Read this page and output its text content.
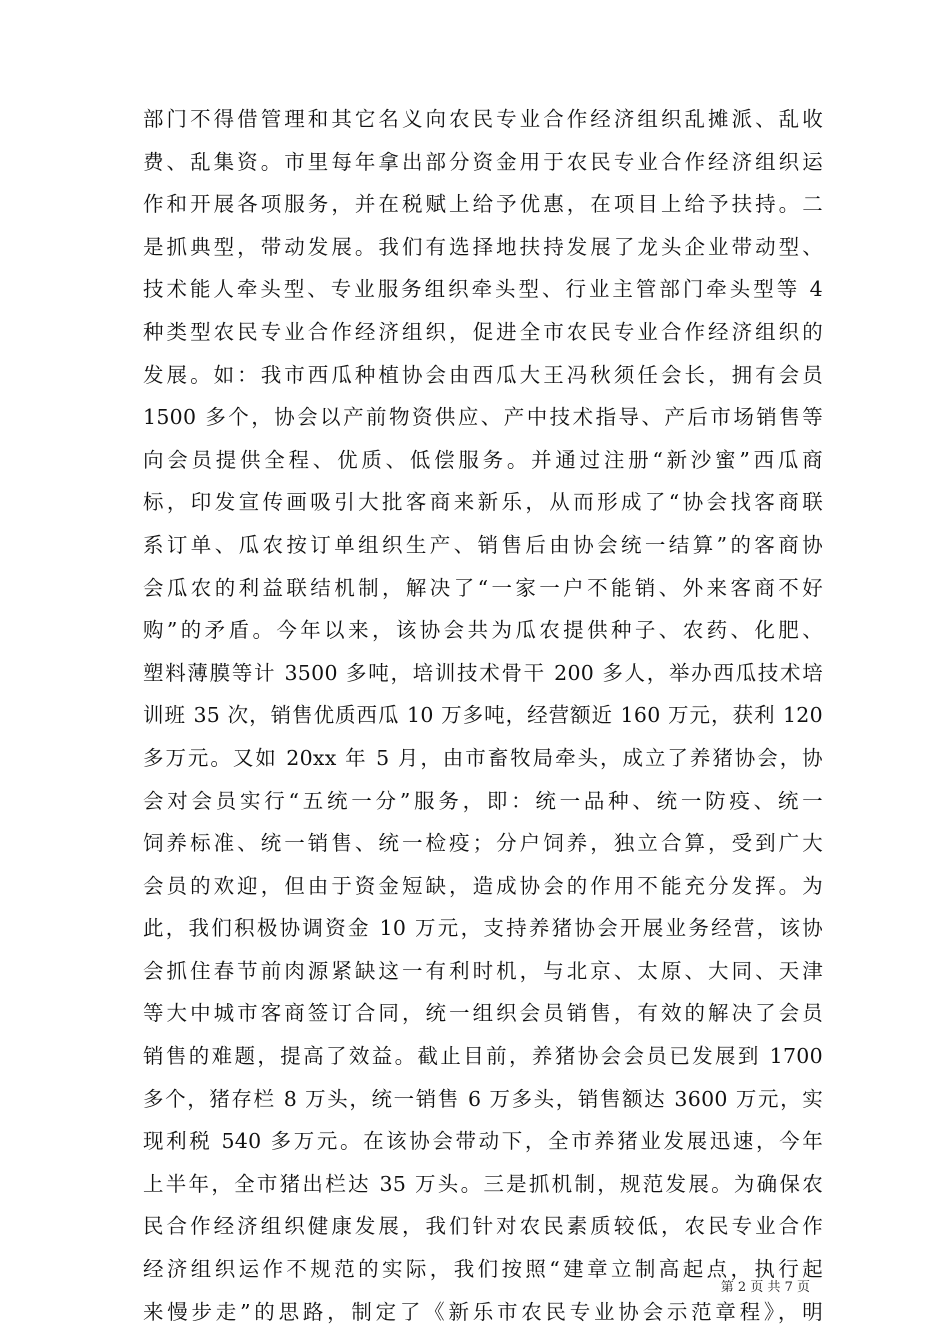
部门不得借管理和其它名义向农民专业合作经济组织乱摊派、乱收
费、乱集资。市里每年拿出部分资金用于农民专业合作经济组织运
作和开展各项服务，并在税赋上给予优惠，在项目上给予扶持。二
是抓典型，带动发展。我们有选择地扶持发展了龙头企业带动型、
技术能人牵头型、专业服务组织牵头型、行业主管部门牵头型等 4
种类型农民专业合作经济组织，促进全市农民专业合作经济组织的
发展。如：我市西瓜种植协会由西瓜大王冯秋须任会长，拥有会员
1500 多个，协会以产前物资供应、产中技术指导、产后市场销售等
向会员提供全程、优质、低偿服务。并通过注册“新沙蜜”西瓜商
标，印发宣传画吸引大批客商来新乐，从而形成了“协会找客商联
系订单、瓜农按订单组织生产、销售后由协会统一结算”的客商协
会瓜农的利益联结机制，解决了“一家一户不能销、外来客商不好
购”的矛盾。今年以来，该协会共为瓜农提供种子、农药、化肥、
塑料薄膜等计 3500 多吨，培训技术骨干 200 多人，举办西瓜技术培
训班 35 次，销售优质西瓜 10 万多吨，经营额近 160 万元，获利 120
多万元。又如 20xx 年 5 月，由市畜牧局牵头，成立了养猪协会，协
会对会员实行“五统一分”服务，即：统一品种、统一防疫、统一
饲养标准、统一销售、统一检疫；分户饲养，独立合算，受到广大
会员的欢迎，但由于资金短缺，造成协会的作用不能充分发挥。为
此，我们积极协调资金 10 万元，支持养猪协会开展业务经营，该协
会抓住春节前肉源紧缺这一有利时机，与北京、太原、大同、天津
等大中城市客商签订合同，统一组织会员销售，有效的解决了会员
销售的难题，提高了效益。截止目前，养猪协会会员已发展到 1700
多个，猪存栏 8 万头，统一销售 6 万多头，销售额达 3600 万元，实
现利税 540 多万元。在该协会带动下，全市养猪业发展迅速，今年
上半年，全市猪出栏达 35 万头。三是抓机制，规范发展。为确保农
民合作经济组织健康发展，我们针对农民素质较低，农民专业合作
经济组织运作不规范的实际，我们按照“建章立制高起点，执行起
来慢步走”的思路，制定了《新乐市农民专业协会示范章程》，明
第 2 页 共 7 页
